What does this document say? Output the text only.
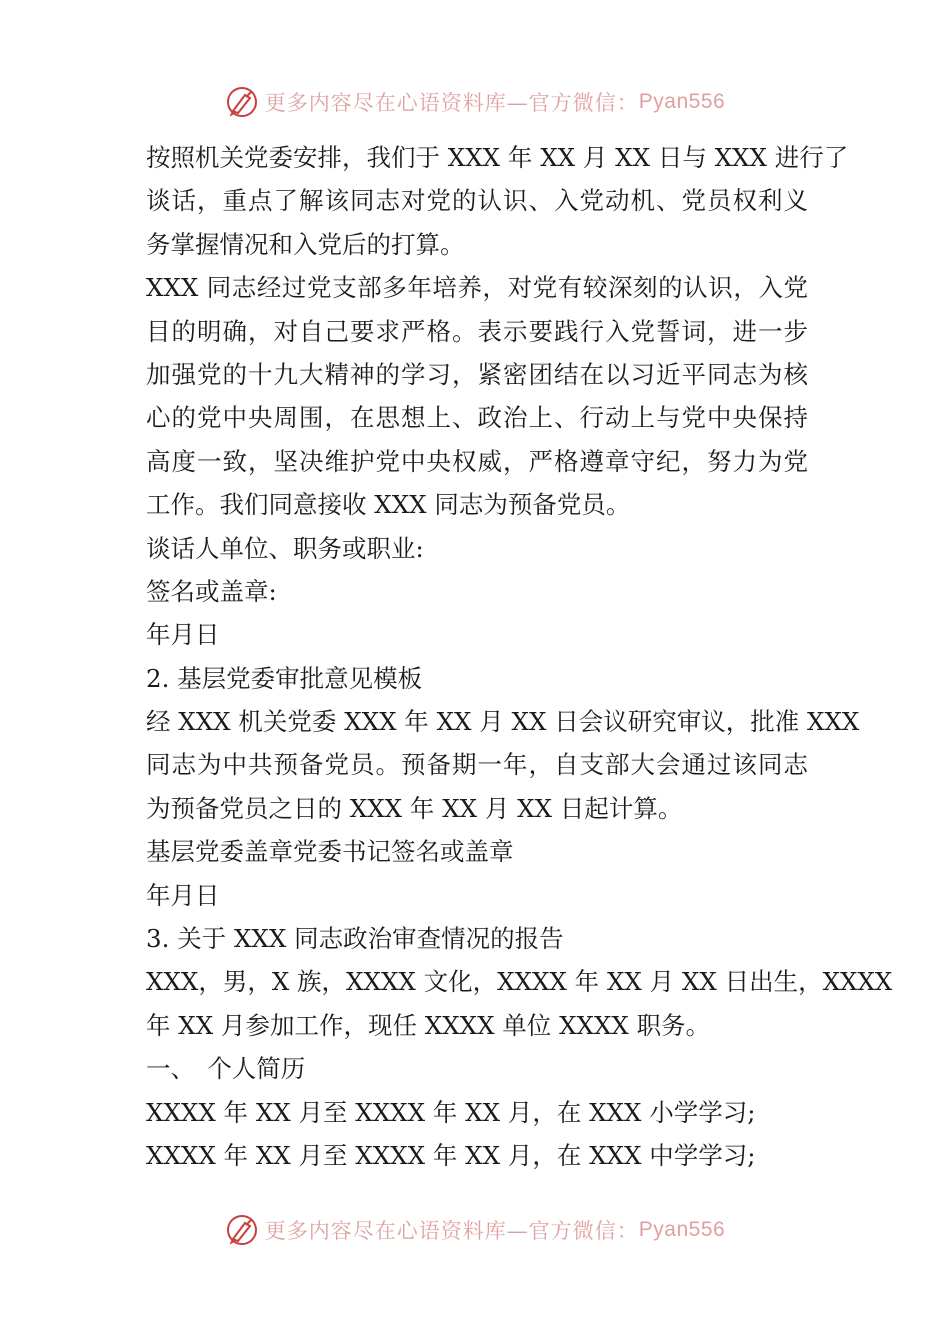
更多内容尽在心语资料库—官方微信： Pyan556
按照机关党委安排，我们于 XXX 年 XX 月 XX 日与 XXX 进行了
谈话，重点了解该同志对党的认识、入党动机、党员权利义
务掌握情况和入党后的打算。
XXX 同志经过党支部多年培养，对党有较深刻的认识，入党
目的明确，对自己要求严格。表示要践行入党誓词，进一步
加强党的十九大精神的学习，紧密团结在以习近平同志为核
心的党中央周围，在思想上、政治上、行动上与党中央保持
高度一致，坚决维护党中央权威，严格遵章守纪，努力为党
工作。我们同意接收 XXX 同志为预备党员。
谈话人单位、职务或职业:
签名或盖章:
年月日
2. 基层党委审批意见模板
经 XXX 机关党委 XXX 年 XX 月 XX 日会议研究审议，批准 XXX
同志为中共预备党员。预备期一年，自支部大会通过该同志
为预备党员之日的 XXX 年 XX 月 XX 日起计算。
基层党委盖章党委书记签名或盖章
年月日
3. 关于 XXX 同志政治审查情况的报告
XXX，男，X 族，XXXX 文化，XXXX 年 XX 月 XX 日出生，XXXX
年 XX 月参加工作，现任 XXXX 单位 XXXX 职务。
一、　个人简历
XXXX 年 XX 月至 XXXX 年 XX 月，在 XXX 小学学习;
XXXX 年 XX 月至 XXXX 年 XX 月，在 XXX 中学学习;
更多内容尽在心语资料库—官方微信： Pyan556
